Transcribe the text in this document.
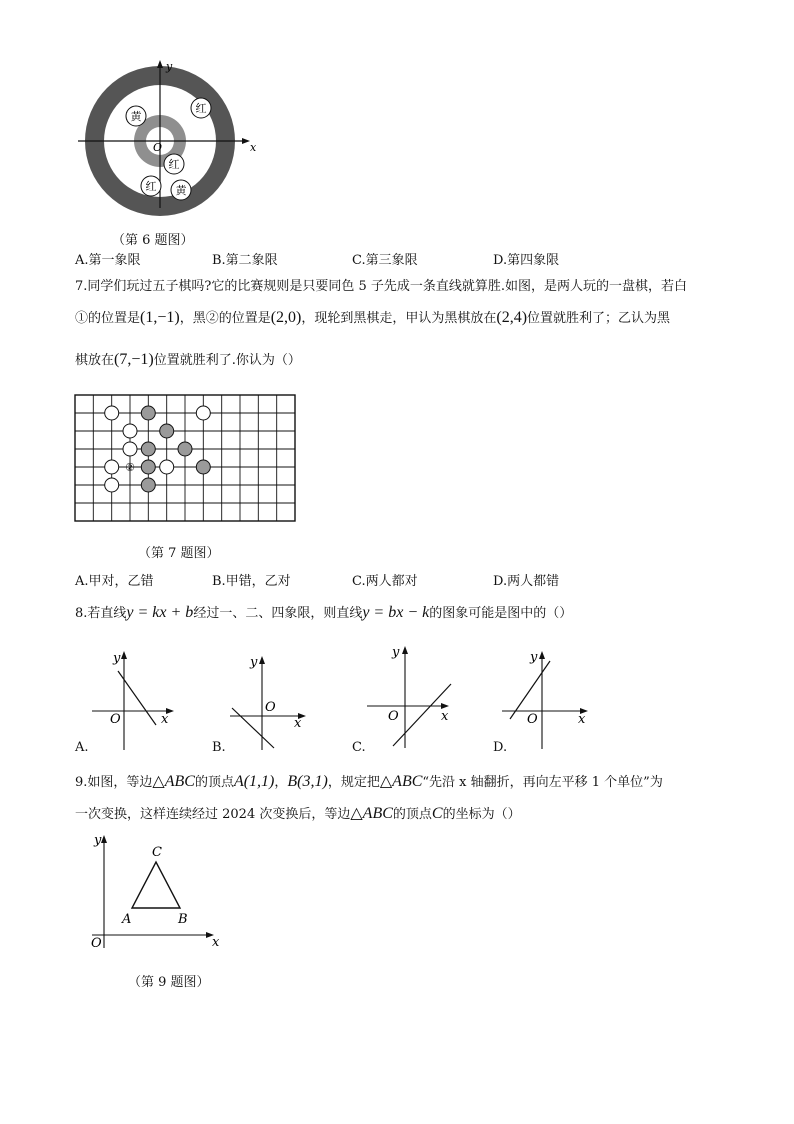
x
y
O
黄
红
红
红 黄
（第 6 题图）
A.第一象限	B.第二象限	C.第三象限	D.第四象限
7.同学们玩过五子棋吗?它的比赛规则是只要同色 5 子先成一条直线就算胜.如图，是两人玩的一盘棋，若白
①的位置是(1,−1)，黑②的位置是(2,0)，现轮到黑棋走，甲认为黑棋放在(2,4)位置就胜利了；乙认为黑
棋放在(7,−1)位置就胜利了.你认为（）
①
②
（第 7 题图）
A.甲对，乙错	B.甲错，乙对	C.两人都对	D.两人都错
8.若直线y = kx + b经过一、二、四象限，则直线y = bx − k的图象可能是图中的（）
y
x
O
A.
y
x
O
B.
y
x
O
C.
y
x
O
D.
9.如图，等边△ABC的顶点A(1,1)，B(3,1)，规定把△ABC“先沿 x 轴翻折，再向左平移 1 个单位”为
一次变换，这样连续经过 2024 次变换后，等边△ABC的顶点C的坐标为（）
y
x
O
A	B
C
（第 9 题图）
